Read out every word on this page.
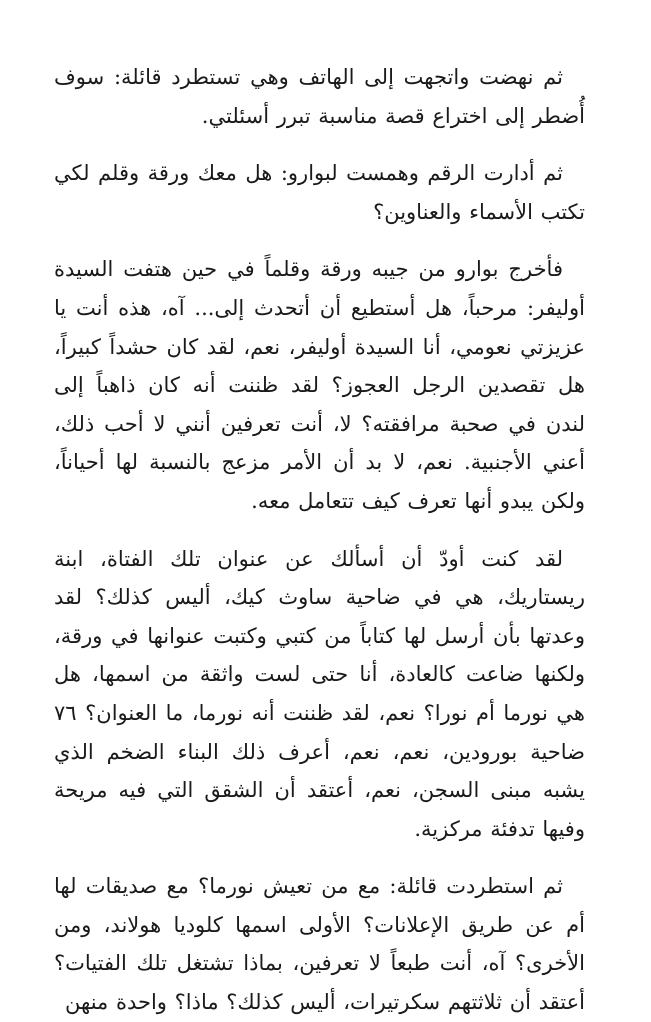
ثم نهضت واتجهت إلى الهاتف وهي تستطرد قائلة: سوف أُضطر إلى اختراع قصة مناسبة تبرر أسئلتي.

ثم أدارت الرقم وهمست لبوارو: هل معك ورقة وقلم لكي تكتب الأسماء والعناوين؟

فأخرج بوارو من جيبه ورقة وقلماً في حين هتفت السيدة أوليفر: مرحباً، هل أستطيع أن أتحدث إلى... آه، هذه أنت يا عزيزتي نعومي، أنا السيدة أوليفر، نعم، لقد كان حشداً كبيراً، هل تقصدين الرجل العجوز؟ لقد ظننت أنه كان ذاهباً إلى لندن في صحبة مرافقته؟ لا، أنت تعرفين أنني لا أحب ذلك، أعني الأجنبية. نعم، لا بد أن الأمر مزعج بالنسبة لها أحياناً، ولكن يبدو أنها تعرف كيف تتعامل معه.

لقد كنت أودّ أن أسألك عن عنوان تلك الفتاة، ابنة ريستاريك، هي في ضاحية ساوث كيك، أليس كذلك؟ لقد وعدتها بأن أرسل لها كتاباً من كتبي وكتبت عنوانها في ورقة، ولكنها ضاعت كالعادة، أنا حتى لست واثقة من اسمها، هل هي نورما أم نورا؟ نعم، لقد ظننت أنه نورما، ما العنوان؟ ٧٦ ضاحية بورودين، نعم، نعم، أعرف ذلك البناء الضخم الذي يشبه مبنى السجن، نعم، أعتقد أن الشقق التي فيه مريحة وفيها تدفئة مركزية.

ثم استطردت قائلة: مع من تعيش نورما؟ مع صديقات لها أم عن طريق الإعلانات؟ الأولى اسمها كلوديا هولاند، ومن الأخرى؟ آه، أنت طبعاً لا تعرفين، بماذا تشتغل تلك الفتيات؟ أعتقد أن ثلاثتهم سكرتيرات، أليس كذلك؟ ماذا؟ واحدة منهن
